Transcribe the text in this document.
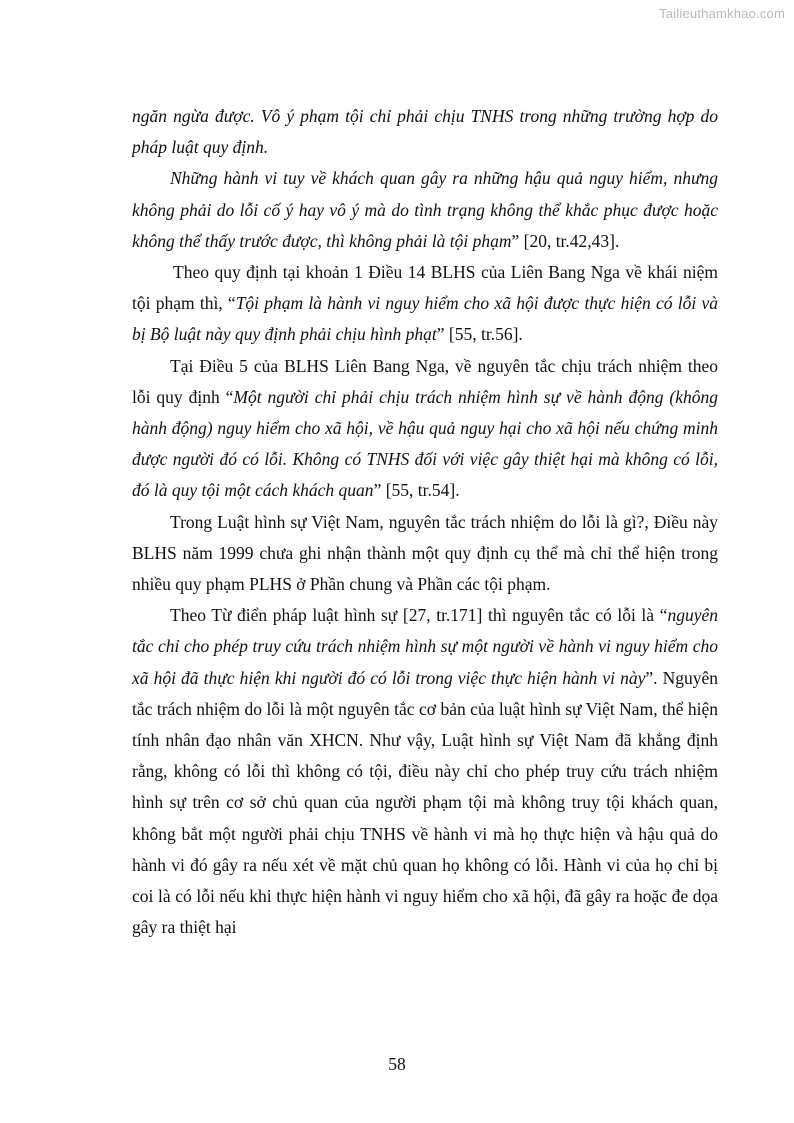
Tailieuthamkhao.com

ngăn ngừa được. Vô ý phạm tội chỉ phải chịu TNHS trong những trường hợp do pháp luật quy định.

Những hành vi tuy về khách quan gây ra những hậu quả nguy hiểm, nhưng không phải do lỗi cố ý hay vô ý mà do tình trạng không thể khắc phục được hoặc không thể thấy trước được, thì không phải là tội phạm” [20, tr.42,43].

Theo quy định tại khoản 1 Điều 14 BLHS của Liên Bang Nga về khái niệm tội phạm thì, “Tội phạm là hành vi nguy hiểm cho xã hội được thực hiện có lỗi và bị Bộ luật này quy định phải chịu hình phạt” [55, tr.56].

Tại Điều 5 của BLHS Liên Bang Nga, về nguyên tắc chịu trách nhiệm theo lỗi quy định “Một người chỉ phải chịu trách nhiệm hình sự về hành động (không hành động) nguy hiểm cho xã hội, về hậu quả nguy hại cho xã hội nếu chứng minh được người đó có lỗi. Không có TNHS đối với việc gây thiệt hại mà không có lỗi, đó là quy tội một cách khách quan” [55, tr.54].

Trong Luật hình sự Việt Nam, nguyên tắc trách nhiệm do lỗi là gì?, Điều này BLHS năm 1999 chưa ghi nhận thành một quy định cụ thể mà chỉ thể hiện trong nhiều quy phạm PLHS ở Phần chung và Phần các tội phạm.

Theo Từ điển pháp luật hình sự [27, tr.171] thì nguyên tắc có lỗi là “nguyên tắc chỉ cho phép truy cứu trách nhiệm hình sự một người về hành vi nguy hiểm cho xã hội đã thực hiện khi người đó có lỗi trong việc thực hiện hành vi này”. Nguyên tắc trách nhiệm do lỗi là một nguyên tắc cơ bản của luật hình sự Việt Nam, thể hiện tính nhân đạo nhân văn XHCN. Như vậy, Luật hình sự Việt Nam đã khẳng định rằng, không có lỗi thì không có tội, điều này chỉ cho phép truy cứu trách nhiệm hình sự trên cơ sở chủ quan của người phạm tội mà không truy tội khách quan, không bắt một người phải chịu TNHS về hành vi mà họ thực hiện và hậu quả do hành vi đó gây ra nếu xét về mặt chủ quan họ không có lỗi. Hành vi của họ chỉ bị coi là có lỗi nếu khi thực hiện hành vi nguy hiểm cho xã hội, đã gây ra hoặc đe dọa gây ra thiệt hại

58
